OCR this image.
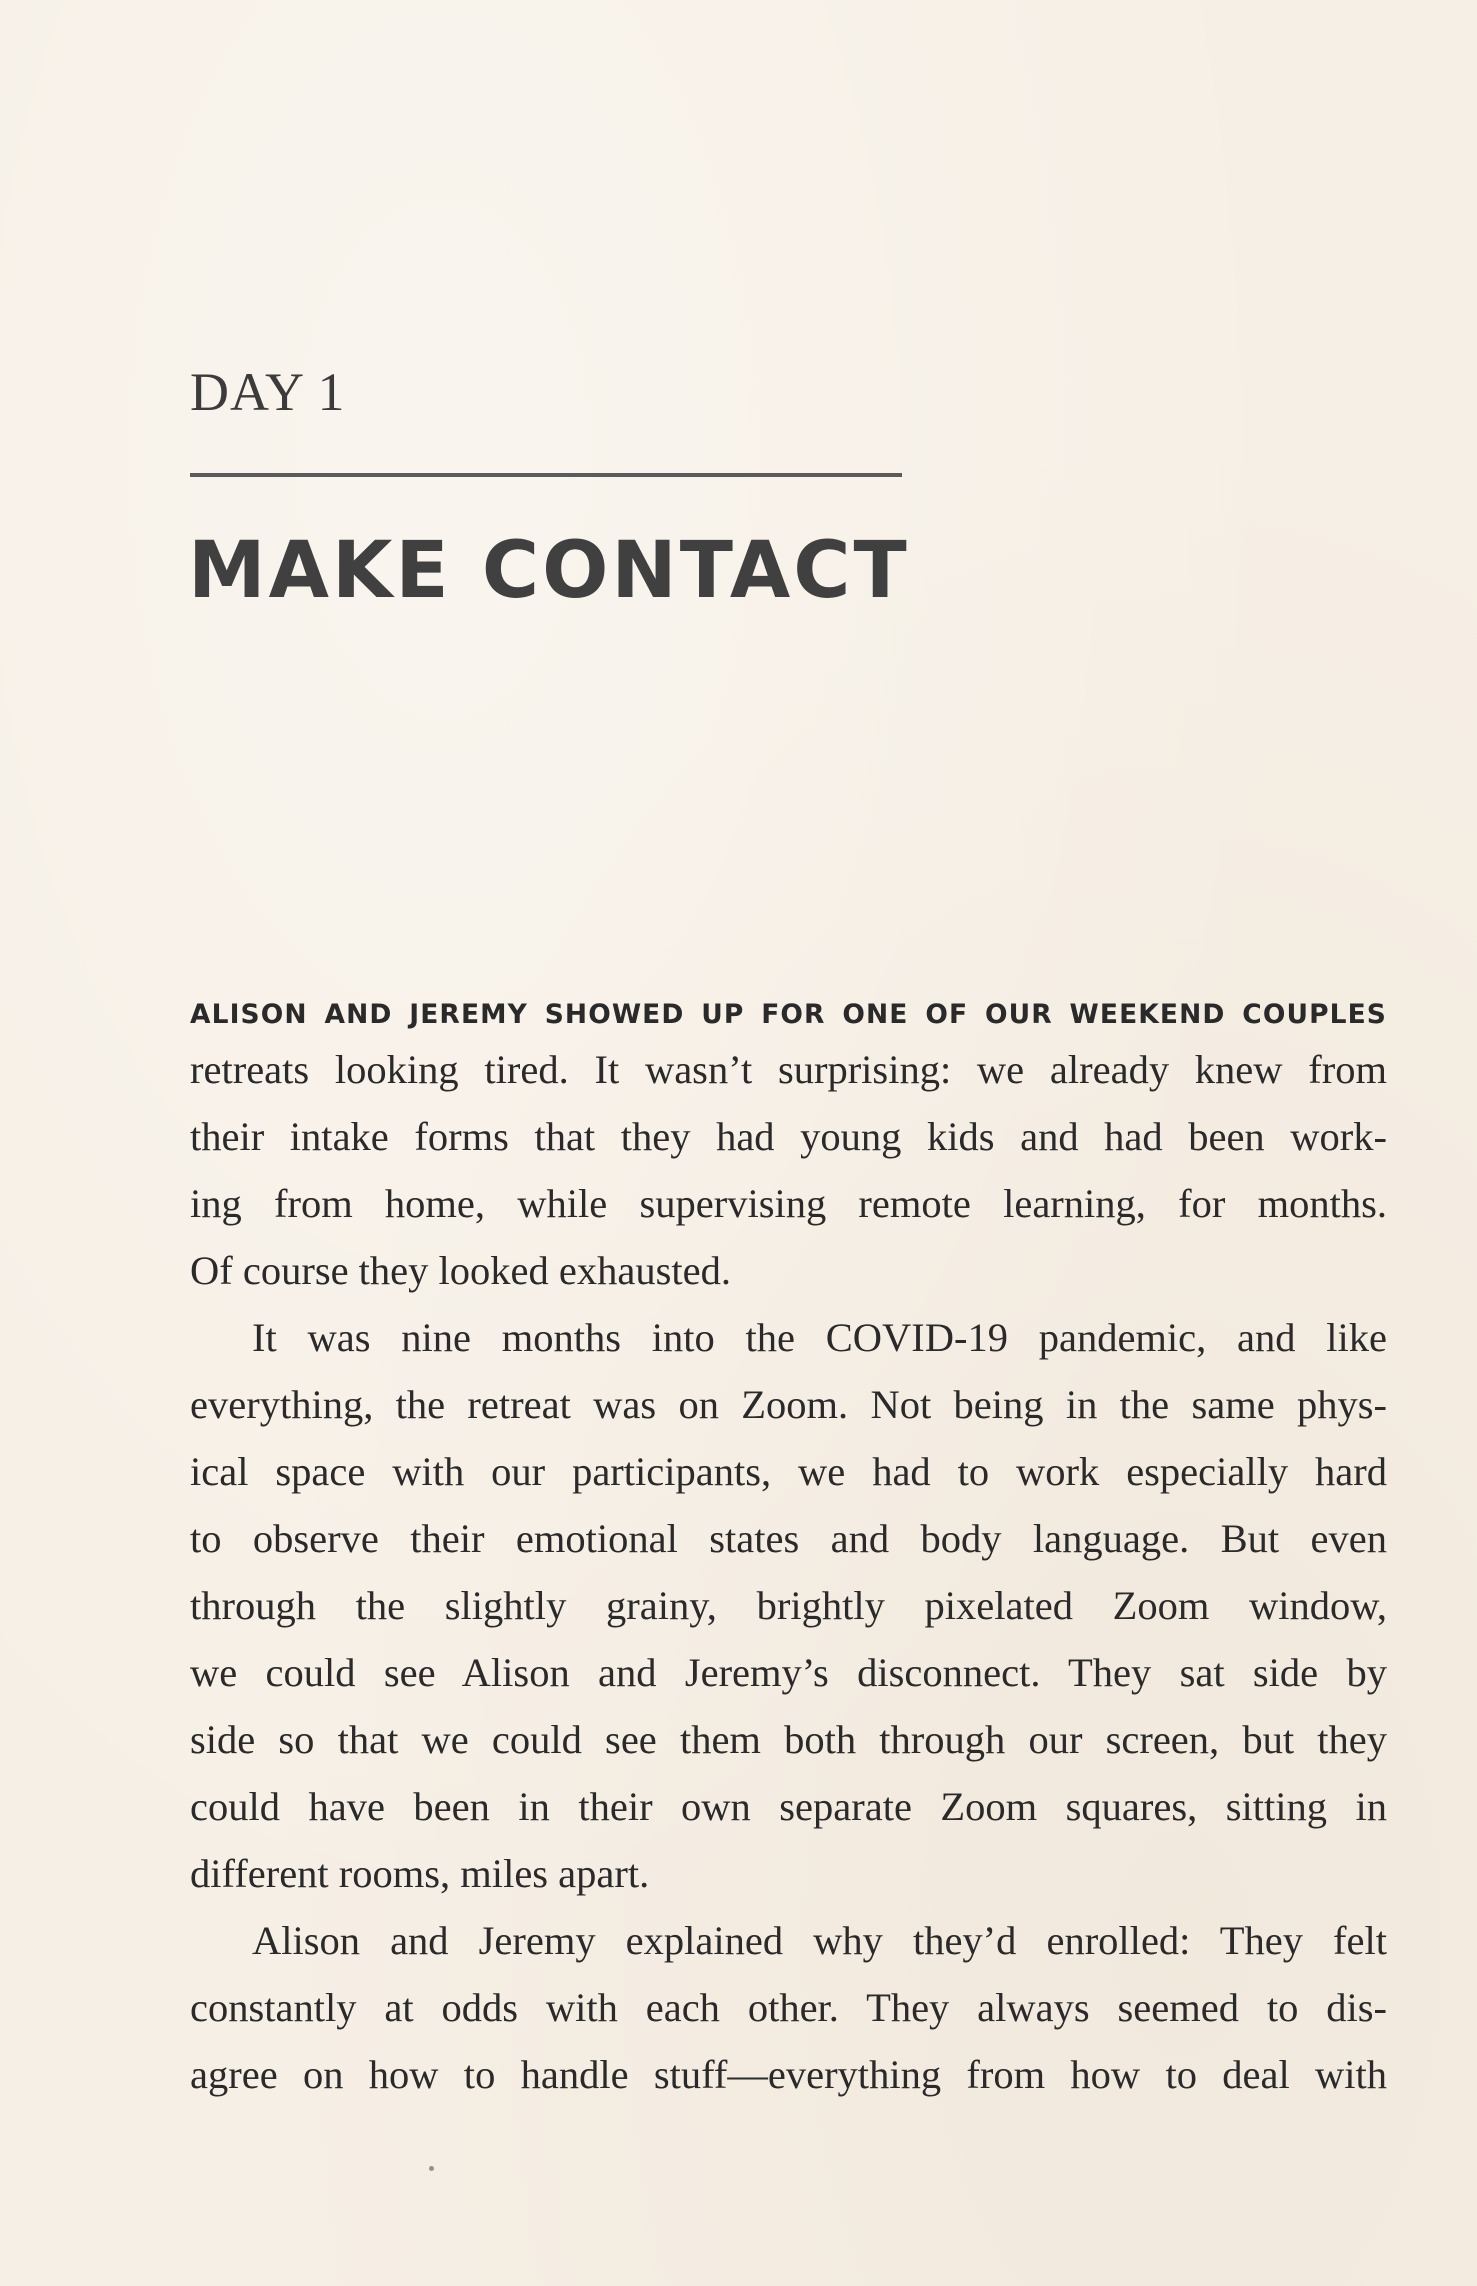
DAY 1
MAKE CONTACT
ALISON AND JEREMY SHOWED UP FOR ONE OF OUR WEEKEND COUPLES
retreats looking tired. It wasn’t surprising: we already knew from
their intake forms that they had young kids and had been work-
ing from home, while supervising remote learning, for months.
Of course they looked exhausted.
It was nine months into the COVID-19 pandemic, and like
everything, the retreat was on Zoom. Not being in the same phys-
ical space with our participants, we had to work especially hard
to observe their emotional states and body language. But even
through the slightly grainy, brightly pixelated Zoom window,
we could see Alison and Jeremy’s disconnect. They sat side by
side so that we could see them both through our screen, but they
could have been in their own separate Zoom squares, sitting in
different rooms, miles apart.
Alison and Jeremy explained why they’d enrolled: They felt
constantly at odds with each other. They always seemed to dis-
agree on how to handle stuff—everything from how to deal with
